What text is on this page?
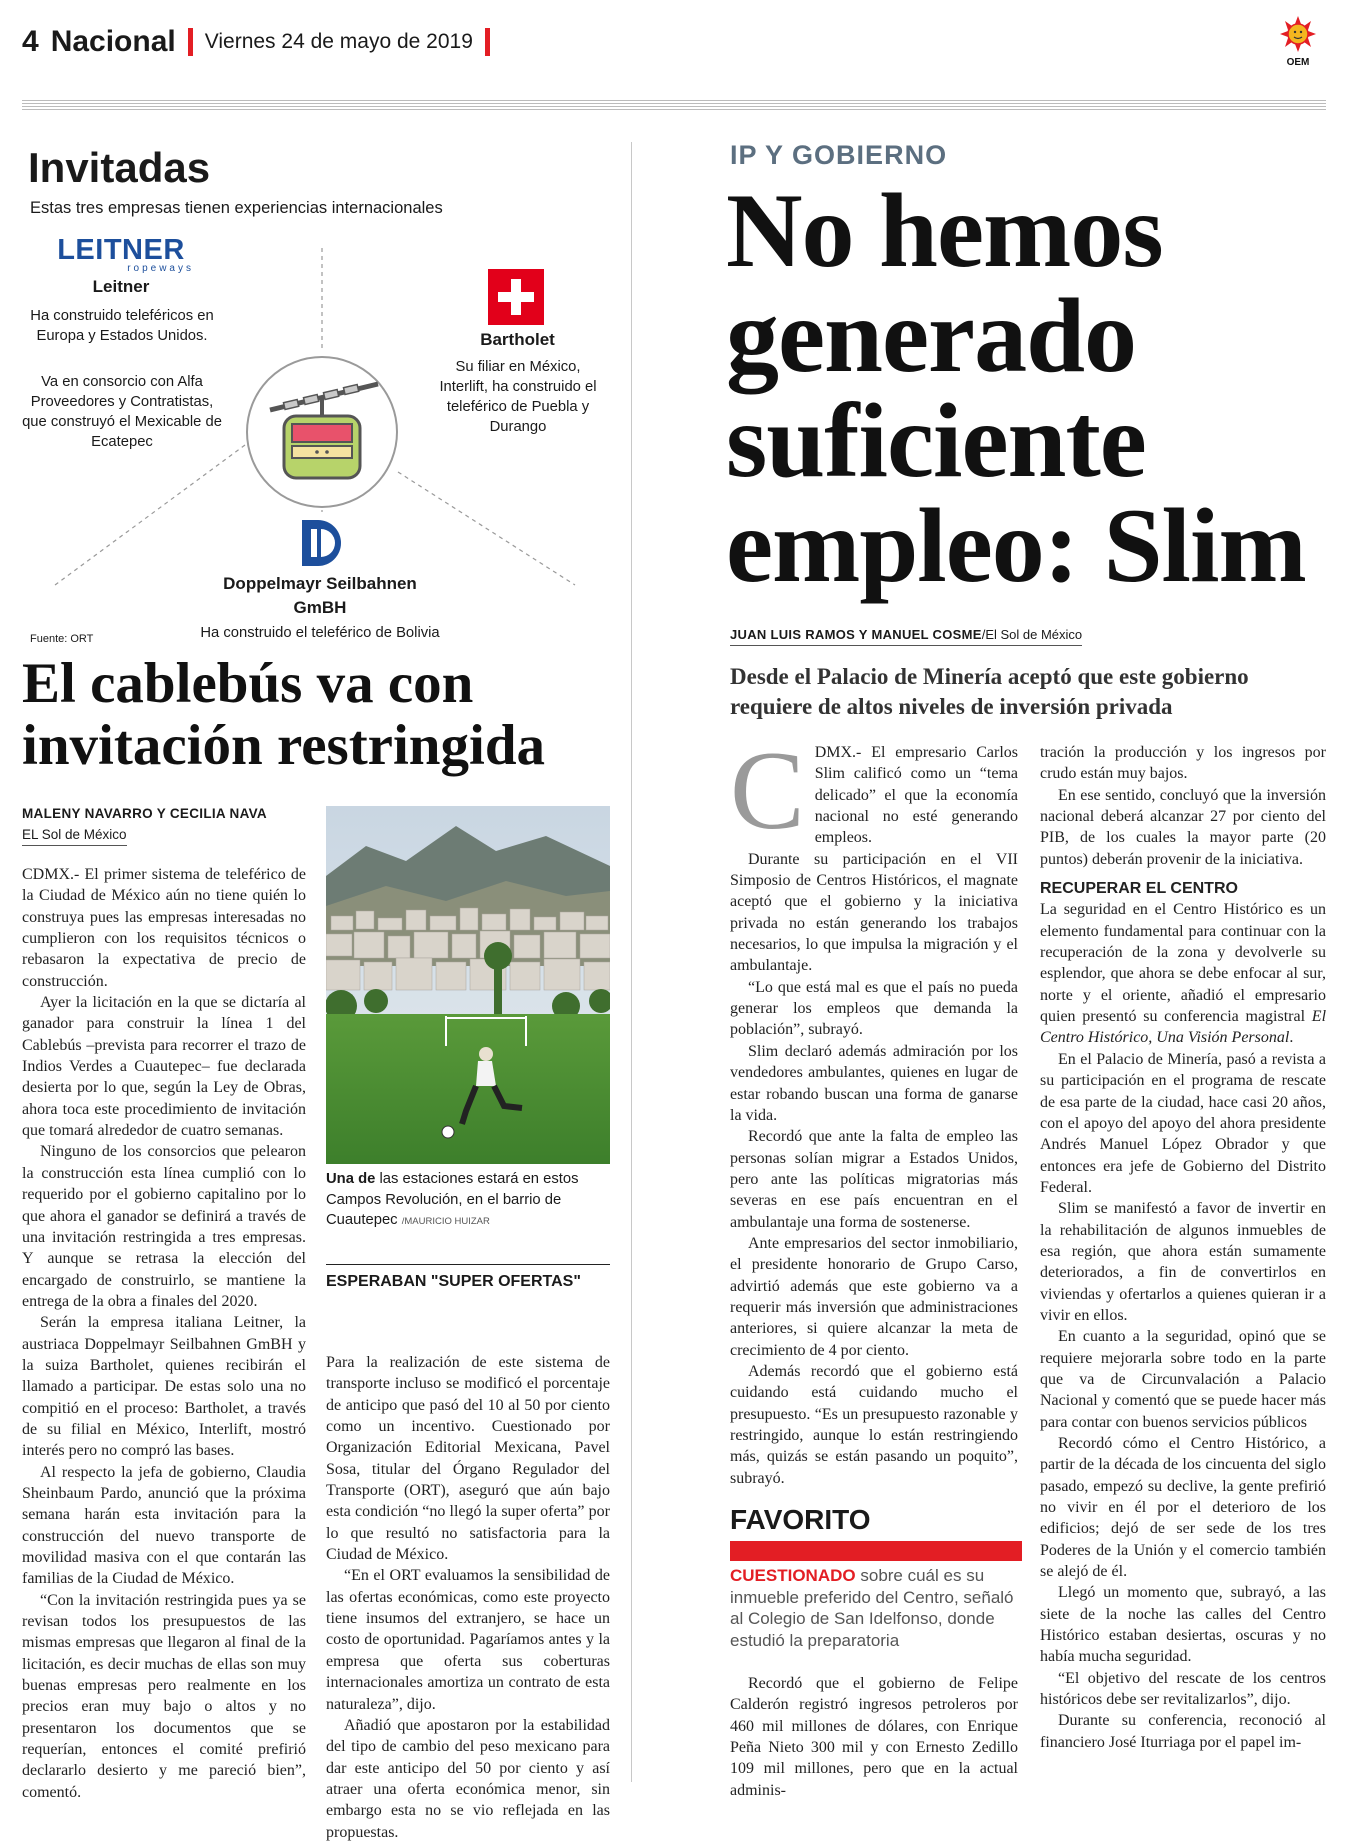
4 Nacional Viernes 24 de mayo de 2019
OEM
Invitadas
Estas tres empresas tienen experiencias internacionales
LEITNER
ropeways
Leitner
Ha construido teleféricos en Europa y Estados Unidos.
Va en consorcio con Alfa Proveedores y Contratistas, que construyó el Mexicable de Ecatepec
Bartholet
Su filiar en México, Interlift, ha construido el teleférico de Puebla y Durango
Doppelmayr Seilbahnen GmBH
Ha construido el teleférico de Bolivia
Fuente: ORT
El cablebús va con invitación restringida
MALENY NAVARRO Y CECILIA NAVA
EL Sol de México

CDMX.- El primer sistema de teleférico de la Ciudad de México aún no tiene quién lo construya pues las empresas interesadas no cumplieron con los requisitos técnicos o rebasaron la expectativa de precio de construcción.

Ayer la licitación en la que se dictaría al ganador para construir la línea 1 del Cablebús –prevista para recorrer el trazo de Indios Verdes a Cuautepec– fue declarada desierta por lo que, según la Ley de Obras, ahora toca este procedimiento de invitación que tomará alrededor de cuatro semanas.

Ninguno de los consorcios que pelearon la construcción esta línea cumplió con lo requerido por el gobierno capitalino por lo que ahora el ganador se definirá a través de una invitación restringida a tres empresas. Y aunque se retrasa la elección del encargado de construirlo, se mantiene la entrega de la obra a finales del 2020.

Serán la empresa italiana Leitner, la austriaca Doppelmayr Seilbahnen GmBH y la suiza Bartholet, quienes recibirán el llamado a participar. De estas solo una no compitió en el proceso: Bartholet, a través de su filial en México, Interlift, mostró interés pero no compró las bases.

Al respecto la jefa de gobierno, Claudia Sheinbaum Pardo, anunció que la próxima semana harán esta invitación para la construcción del nuevo transporte de movilidad masiva con el que contarán las familias de la Ciudad de México.

“Con la invitación restringida pues ya se revisan todos los presupuestos de las mismas empresas que llegaron al final de la licitación, es decir muchas de ellas son muy buenas empresas pero realmente en los precios eran muy bajo o altos y no presentaron los documentos que se requerían, entonces el comité prefirió declararlo desierto y me pareció bien”, comentó.

Una de las estaciones estará en estos Campos Revolución, en el barrio de Cuautepec /MAURICIO HUIZAR
ESPERABAN "SUPER OFERTAS"

Para la realización de este sistema de transporte incluso se modificó el porcentaje de anticipo que pasó del 10 al 50 por ciento como un incentivo. Cuestionado por Organización Editorial Mexicana, Pavel Sosa, titular del Órgano Regulador del Transporte (ORT), aseguró que aún bajo esta condición “no llegó la super oferta” por lo que resultó no satisfactoria para la Ciudad de México.

“En el ORT evaluamos la sensibilidad de las ofertas económicas, como este proyecto tiene insumos del extranjero, se hace un costo de oportunidad. Pagaríamos antes y la empresa que oferta sus coberturas internacionales amortiza un contrato de esta naturaleza”, dijo.

Añadió que apostaron por la estabilidad del tipo de cambio del peso mexicano para dar este anticipo del 50 por ciento y así atraer una oferta económica menor, sin embargo esta no se vio reflejada en las propuestas.

IP Y GOBIERNO
No hemos generado suficiente empleo: Slim
JUAN LUIS RAMOS Y MANUEL COSME/El Sol de México
Desde el Palacio de Minería aceptó que este gobierno requiere de altos niveles de inversión privada

CDMX.- El empresario Carlos Slim calificó como un “tema delicado” el que la economía nacional no esté generando empleos.

Durante su participación en el VII Simposio de Centros Históricos, el magnate aceptó que el gobierno y la iniciativa privada no están generando los trabajos necesarios, lo que impulsa la migración y el ambulantaje.

“Lo que está mal es que el país no pueda generar los empleos que demanda la población”, subrayó.

Slim declaró además admiración por los vendedores ambulantes, quienes en lugar de estar robando buscan una forma de ganarse la vida.

Recordó que ante la falta de empleo las personas solían migrar a Estados Unidos, pero ante las políticas migratorias más severas en ese país encuentran en el ambulantaje una forma de sostenerse.

Ante empresarios del sector inmobiliario, el presidente honorario de Grupo Carso, advirtió además que este gobierno va a requerir más inversión que administraciones anteriores, si quiere alcanzar la meta de crecimiento de 4 por ciento.

Además recordó que el gobierno está cuidando está cuidando mucho el presupuesto. “Es un presupuesto razonable y restringido, aunque lo están restringiendo más, quizás se están pasando un poquito”, subrayó.

FAVORITO
CUESTIONADO sobre cuál es su inmueble preferido del Centro, señaló al Colegio de San Idelfonso, donde estudió la preparatoria

Recordó que el gobierno de Felipe Calderón registró ingresos petroleros por 460 mil millones de dólares, con Enrique Peña Nieto 300 mil y con Ernesto Zedillo 109 mil millones, pero que en la actual adminis-

tración la producción y los ingresos por crudo están muy bajos.

En ese sentido, concluyó que la inversión nacional deberá alcanzar 27 por ciento del PIB, de los cuales la mayor parte (20 puntos) deberán provenir de la iniciativa.

RECUPERAR EL CENTRO

La seguridad en el Centro Histórico es un elemento fundamental para continuar con la recuperación de la zona y devolverle su esplendor, que ahora se debe enfocar al sur, norte y el oriente, añadió el empresario quien presentó su conferencia magistral El Centro Histórico, Una Visión Personal.

En el Palacio de Minería, pasó a revista a su participación en el programa de rescate de esa parte de la ciudad, hace casi 20 años, con el apoyo del apoyo del ahora presidente Andrés Manuel López Obrador y que entonces era jefe de Gobierno del Distrito Federal.

Slim se manifestó a favor de invertir en la rehabilitación de algunos inmuebles de esa región, que ahora están sumamente deteriorados, a fin de convertirlos en viviendas y ofertarlos a quienes quieran ir a vivir en ellos.

En cuanto a la seguridad, opinó que se requiere mejorarla sobre todo en la parte que va de Circunvalación a Palacio Nacional y comentó que se puede hacer más para contar con buenos servicios públicos

Recordó cómo el Centro Histórico, a partir de la década de los cincuenta del siglo pasado, empezó su declive, la gente prefirió no vivir en él por el deterioro de los edificios; dejó de ser sede de los tres Poderes de la Unión y el comercio también se alejó de él.

Llegó un momento que, subrayó, a las siete de la noche las calles del Centro Histórico estaban desiertas, oscuras y no había mucha seguridad.

“El objetivo del rescate de los centros históricos debe ser revitalizarlos”, dijo.

Durante su conferencia, reconoció al financiero José Iturriaga por el papel im-
